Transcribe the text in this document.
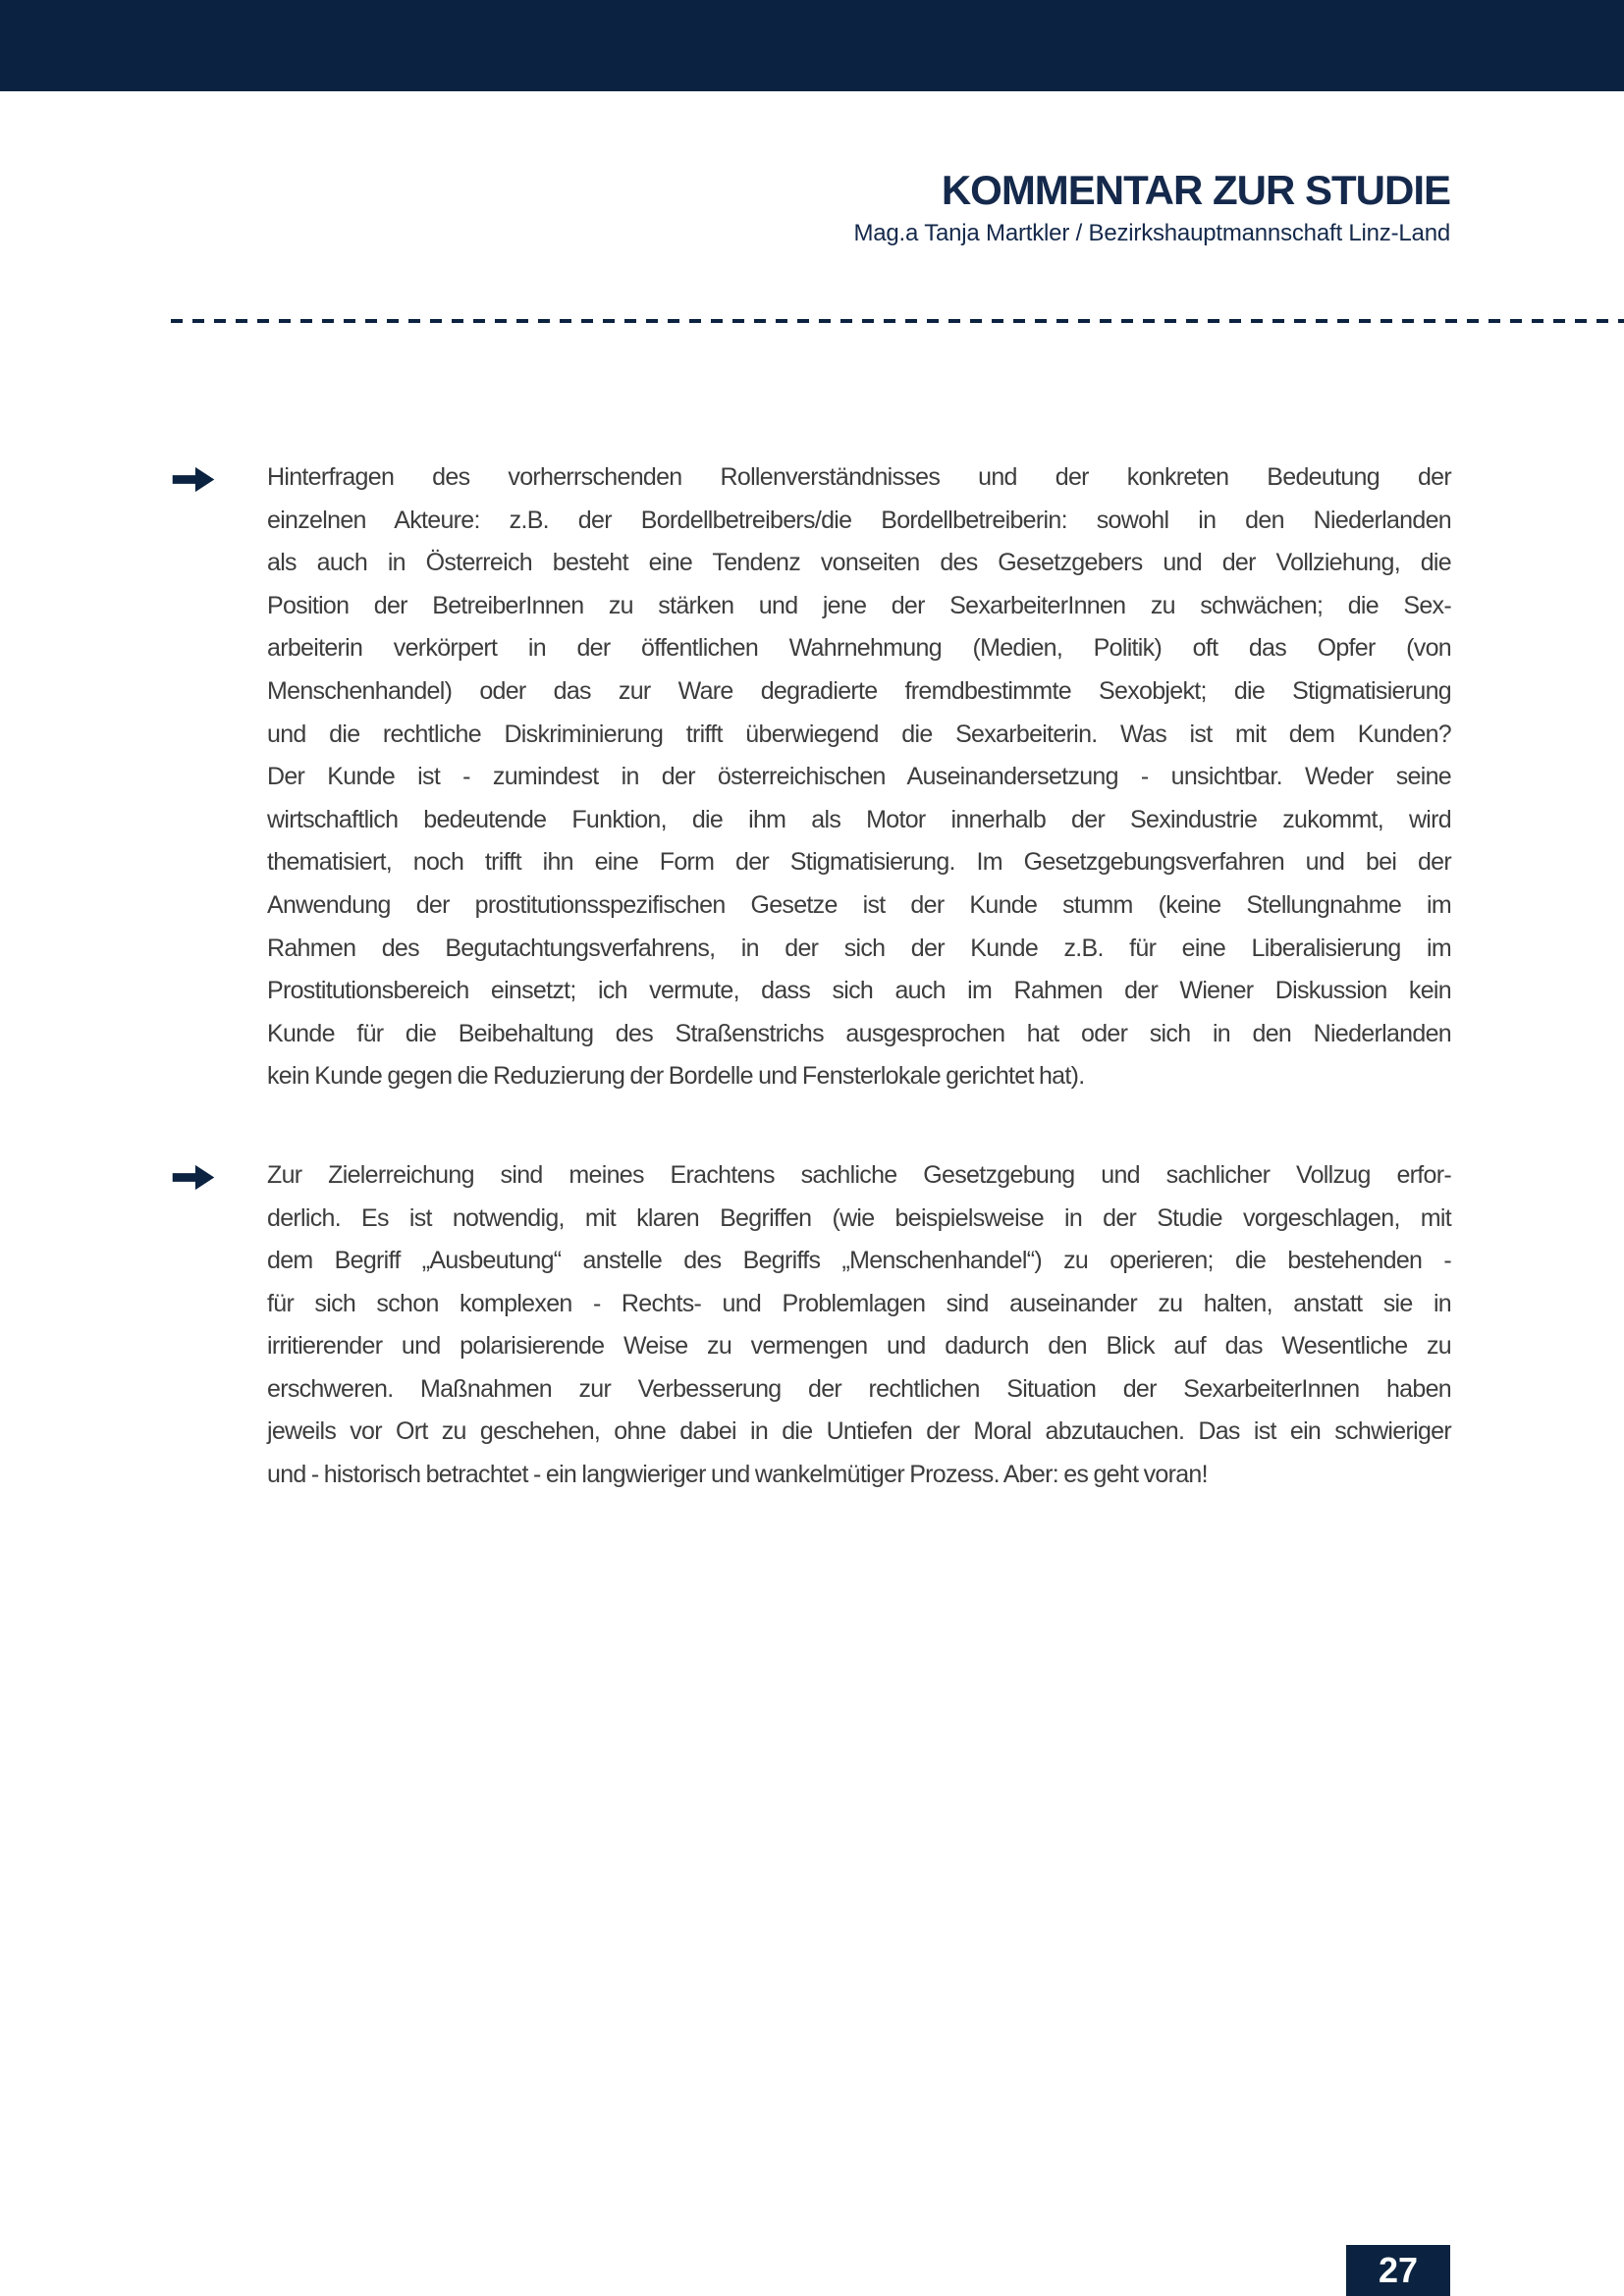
KOMMENTAR ZUR STUDIE
Mag.a Tanja Martkler / Bezirkshauptmannschaft Linz-Land
Hinterfragen des vorherrschenden Rollenverständnisses und der konkreten Bedeutung der
einzelnen Akteure: z.B. der Bordellbetreibers/die Bordellbetreiberin: sowohl in den Niederlanden
als auch in Österreich besteht eine Tendenz vonseiten des Gesetzgebers und der Vollziehung, die
Position der BetreiberInnen zu stärken und jene der SexarbeiterInnen zu schwächen; die Sex-
arbeiterin verkörpert in der öffentlichen Wahrnehmung (Medien, Politik) oft das Opfer (von
Menschenhandel) oder das zur Ware degradierte fremdbestimmte Sexobjekt; die Stigmatisierung
und die rechtliche Diskriminierung trifft überwiegend die Sexarbeiterin. Was ist mit dem Kunden?
Der Kunde ist - zumindest in der österreichischen Auseinandersetzung - unsichtbar. Weder seine
wirtschaftlich bedeutende Funktion, die ihm als Motor innerhalb der Sexindustrie zukommt, wird
thematisiert, noch trifft ihn eine Form der Stigmatisierung. Im Gesetzgebungsverfahren und bei der
Anwendung der prostitutionsspezifischen Gesetze ist der Kunde stumm (keine Stellungnahme im
Rahmen des Begutachtungsverfahrens, in der sich der Kunde z.B. für eine Liberalisierung im
Prostitutionsbereich einsetzt; ich vermute, dass sich auch im Rahmen der Wiener Diskussion kein
Kunde für die Beibehaltung des Straßenstrichs ausgesprochen hat oder sich in den Niederlanden
kein Kunde gegen die Reduzierung der Bordelle und Fensterlokale gerichtet hat).
Zur Zielerreichung sind meines Erachtens sachliche Gesetzgebung und sachlicher Vollzug erfor-
derlich. Es ist notwendig, mit klaren Begriffen (wie beispielsweise in der Studie vorgeschlagen, mit
dem Begriff „Ausbeutung“ anstelle des Begriffs „Menschenhandel“) zu operieren; die bestehenden -
für sich schon komplexen - Rechts- und Problemlagen sind auseinander zu halten, anstatt sie in
irritierender und polarisierende Weise zu vermengen und dadurch den Blick auf das Wesentliche zu
erschweren. Maßnahmen zur Verbesserung der rechtlichen Situation der SexarbeiterInnen haben
jeweils vor Ort zu geschehen, ohne dabei in die Untiefen der Moral abzutauchen. Das ist ein schwieriger
und - historisch betrachtet - ein langwieriger und wankelmütiger Prozess. Aber: es geht voran!
27
